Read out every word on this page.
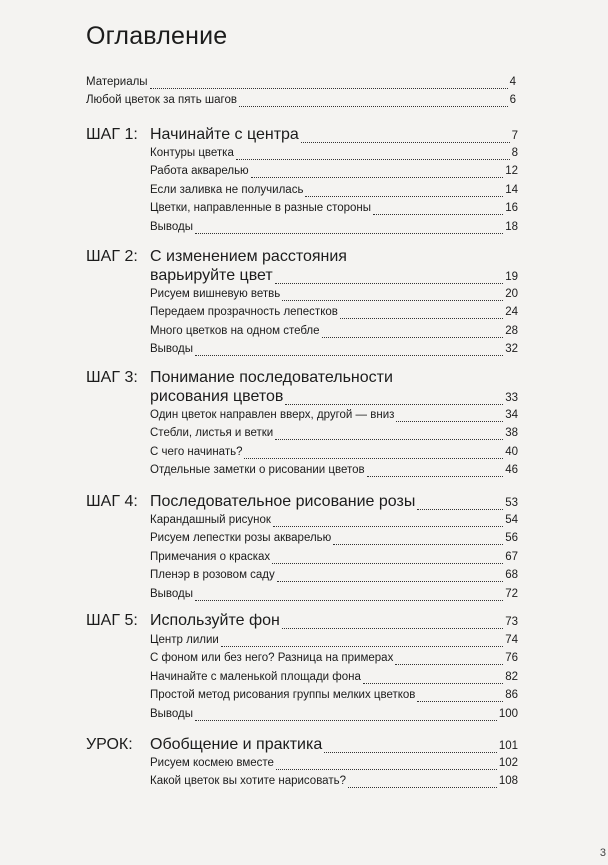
Оглавление
Материалы	4
Любой цветок за пять шагов	6
ШАГ 1: Начинайте с центра	7
Контуры цветка	8
Работа акварелью	12
Если заливка не получилась	14
Цветки, направленные в разные стороны	16
Выводы	18
ШАГ 2: С изменением расстояния
варьируйте цвет	19
Рисуем вишневую ветвь	20
Передаем прозрачность лепестков	24
Много цветков на одном стебле	28
Выводы	32
ШАГ 3: Понимание последовательности
рисования цветов	33
Один цветок направлен вверх, другой — вниз	34
Стебли, листья и ветки	38
С чего начинать?	40
Отдельные заметки о рисовании цветов	46
ШАГ 4: Последовательное рисование розы	53
Карандашный рисунок	54
Рисуем лепестки розы акварелью	56
Примечания о красках	67
Пленэр в розовом саду	68
Выводы	72
ШАГ 5: Используйте фон	73
Центр лилии	74
С фоном или без него? Разница на примерах	76
Начинайте с маленькой площади фона	82
Простой метод рисования группы мелких цветков	86
Выводы	100
УРОК: Обобщение и практика	101
Рисуем космею вместе	102
Какой цветок вы хотите нарисовать?	108
3
